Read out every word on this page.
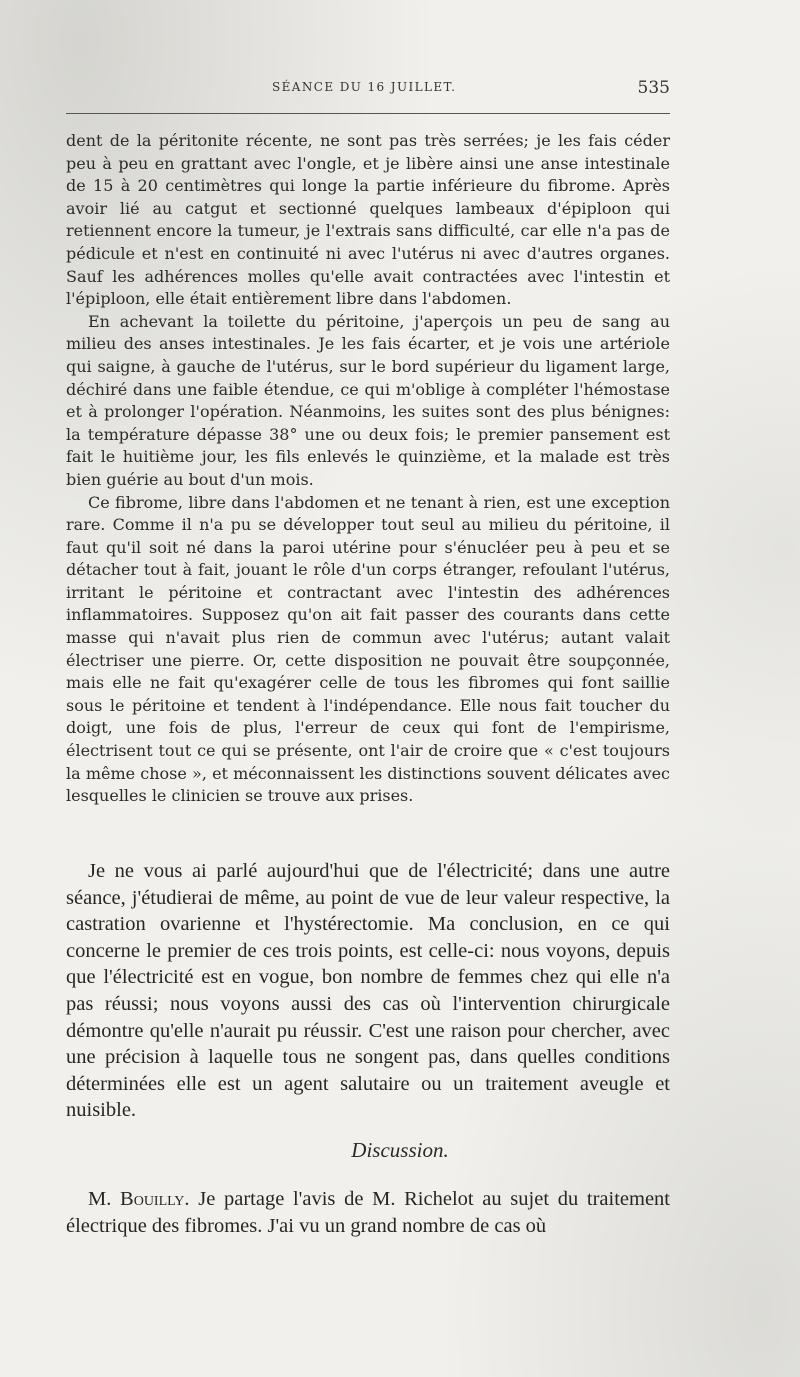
SÉANCE DU 16 JUILLET.	535

dent de la péritonite récente, ne sont pas très serrées; je les fais céder peu à peu en grattant avec l'ongle, et je libère ainsi une anse intestinale de 15 à 20 centimètres qui longe la partie inférieure du fibrome. Après avoir lié au catgut et sectionné quelques lambeaux d'épiploon qui retiennent encore la tumeur, je l'extrais sans difficulté, car elle n'a pas de pédicule et n'est en continuité ni avec l'utérus ni avec d'autres organes. Sauf les adhérences molles qu'elle avait contractées avec l'intestin et l'épiploon, elle était entièrement libre dans l'abdomen.

En achevant la toilette du péritoine, j'aperçois un peu de sang au milieu des anses intestinales. Je les fais écarter, et je vois une artériole qui saigne, à gauche de l'utérus, sur le bord supérieur du ligament large, déchiré dans une faible étendue, ce qui m'oblige à compléter l'hémostase et à prolonger l'opération. Néanmoins, les suites sont des plus bénignes: la température dépasse 38° une ou deux fois; le premier pansement est fait le huitième jour, les fils enlevés le quinzième, et la malade est très bien guérie au bout d'un mois.

Ce fibrome, libre dans l'abdomen et ne tenant à rien, est une exception rare. Comme il n'a pu se développer tout seul au milieu du péritoine, il faut qu'il soit né dans la paroi utérine pour s'énucléer peu à peu et se détacher tout à fait, jouant le rôle d'un corps étranger, refoulant l'utérus, irritant le péritoine et contractant avec l'intestin des adhérences inflammatoires. Supposez qu'on ait fait passer des courants dans cette masse qui n'avait plus rien de commun avec l'utérus; autant valait électriser une pierre. Or, cette disposition ne pouvait être soupçonnée, mais elle ne fait qu'exagérer celle de tous les fibromes qui font saillie sous le péritoine et tendent à l'indépendance. Elle nous fait toucher du doigt, une fois de plus, l'erreur de ceux qui font de l'empirisme, électrisent tout ce qui se présente, ont l'air de croire que « c'est toujours la même chose », et méconnaissent les distinctions souvent délicates avec lesquelles le clinicien se trouve aux prises.

Je ne vous ai parlé aujourd'hui que de l'électricité; dans une autre séance, j'étudierai de même, au point de vue de leur valeur respective, la castration ovarienne et l'hystérectomie. Ma conclusion, en ce qui concerne le premier de ces trois points, est celle-ci: nous voyons, depuis que l'électricité est en vogue, bon nombre de femmes chez qui elle n'a pas réussi; nous voyons aussi des cas où l'intervention chirurgicale démontre qu'elle n'aurait pu réussir. C'est une raison pour chercher, avec une précision à laquelle tous ne songent pas, dans quelles conditions déterminées elle est un agent salutaire ou un traitement aveugle et nuisible.

Discussion.

M. Bouilly. Je partage l'avis de M. Richelot au sujet du traitement électrique des fibromes. J'ai vu un grand nombre de cas où
